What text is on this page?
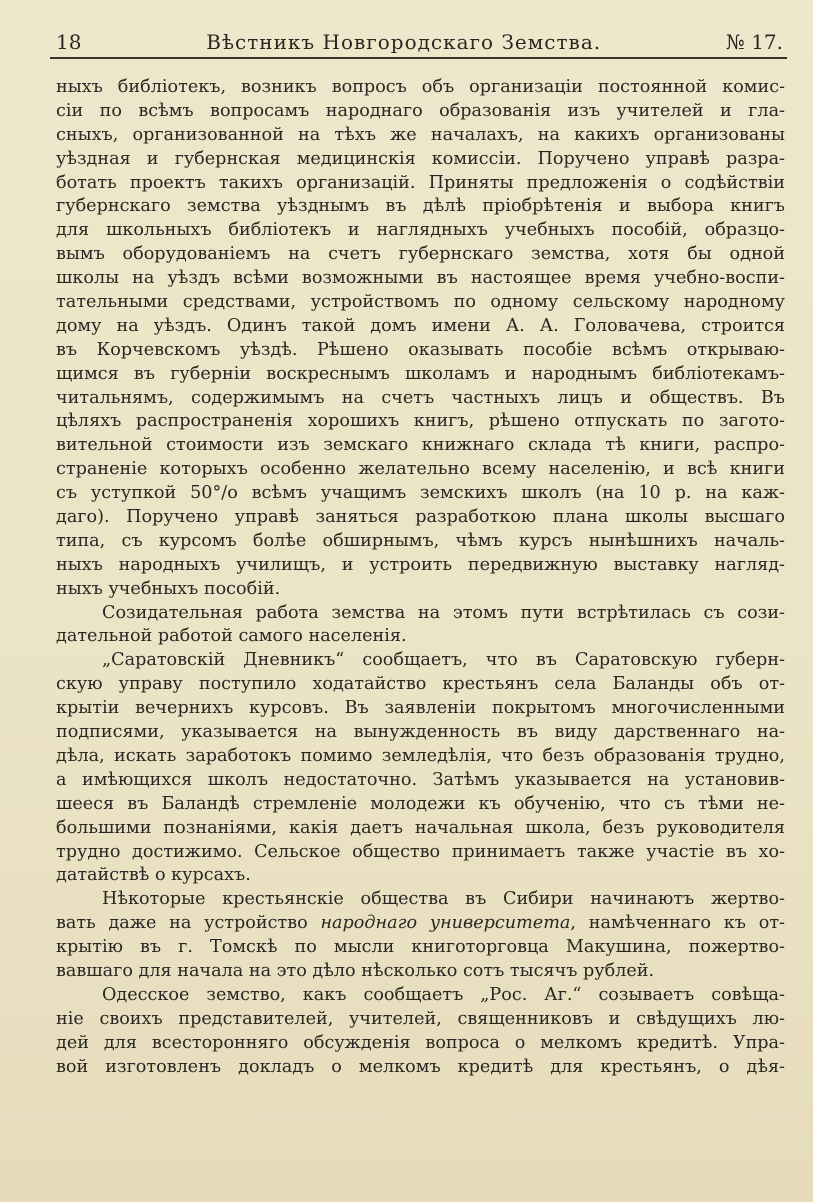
18	Вѣстникъ Новгородскаго Земства.	№ 17.
ныхъ библіотекъ, возникъ вопросъ объ организаціи постоянной комис-
сіи по всѣмъ вопросамъ народнаго образованія изъ учителей и гла-
сныхъ, организованной на тѣхъ же началахъ, на какихъ организованы
уѣздная и губернская медицинскія комиссіи. Поручено управѣ разра-
ботать проектъ такихъ организацій. Приняты предложенія о содѣйствіи
губернскаго земства уѣзднымъ въ дѣлѣ пріобрѣтенія и выбора книгъ
для школьныхъ библіотекъ и наглядныхъ учебныхъ пособій, образцо-
вымъ оборудованіемъ на счетъ губернскаго земства, хотя бы одной
школы на уѣздъ всѣми возможными въ настоящее время учебно-воспи-
тательными средствами, устройствомъ по одному сельскому народному
дому на уѣздъ. Одинъ такой домъ имени А. А. Головачева, строится
въ Корчевскомъ уѣздѣ. Рѣшено оказывать пособіе всѣмъ открываю-
щимся въ губерніи воскреснымъ школамъ и народнымъ библіотекамъ-
читальнямъ, содержимымъ на счетъ частныхъ лицъ и обществъ. Въ
цѣляхъ распространенія хорошихъ книгъ, рѣшено отпускать по загото-
вительной стоимости изъ земскаго книжнаго склада тѣ книги, распро-
страненіе которыхъ особенно желательно всему населенію, и всѣ книги
съ уступкой 50°/о всѣмъ учащимъ земскихъ школъ (на 10 р. на каж-
даго). Поручено управѣ заняться разработкою плана школы высшаго
типа, съ курсомъ болѣе обширнымъ, чѣмъ курсъ нынѣшнихъ началь-
ныхъ народныхъ училищъ, и устроить передвижную выставку нагляд-
ныхъ учебныхъ пособій.
Созидательная работа земства на этомъ пути встрѣтилась съ сози-
дательной работой самого населенія.
„Саратовскій Дневникъ“ сообщаетъ, что въ Саратовскую губерн-
скую управу поступило ходатайство крестьянъ села Баланды объ от-
крытіи вечернихъ курсовъ. Въ заявленіи покрытомъ многочисленными
подписями, указывается на вынужденность въ виду дарственнаго на-
дѣла, искать заработокъ помимо земледѣлія, что безъ образованія трудно,
а имѣющихся школъ недостаточно. Затѣмъ указывается на установив-
шееся въ Баландѣ стремленіе молодежи къ обученію, что съ тѣми не-
большими познаніями, какія даетъ начальная школа, безъ руководителя
трудно достижимо. Сельское общество принимаетъ также участіе въ хо-
датайствѣ о курсахъ.
Нѣкоторые крестьянскіе общества въ Сибири начинаютъ жертво-
вать даже на устройство народнаго университета, намѣченнаго къ от-
крытію въ г. Томскѣ по мысли книготорговца Макушина, пожертво-
вавшаго для начала на это дѣло нѣсколько сотъ тысячъ рублей.
Одесское земство, какъ сообщаетъ „Рос. Аг.“ созываетъ совѣща-
ніе своихъ представителей, учителей, священниковъ и свѣдущихъ лю-
дей для всесторонняго обсужденія вопроса о мелкомъ кредитѣ. Упра-
вой изготовленъ докладъ о мелкомъ кредитѣ для крестьянъ, о дѣя-
